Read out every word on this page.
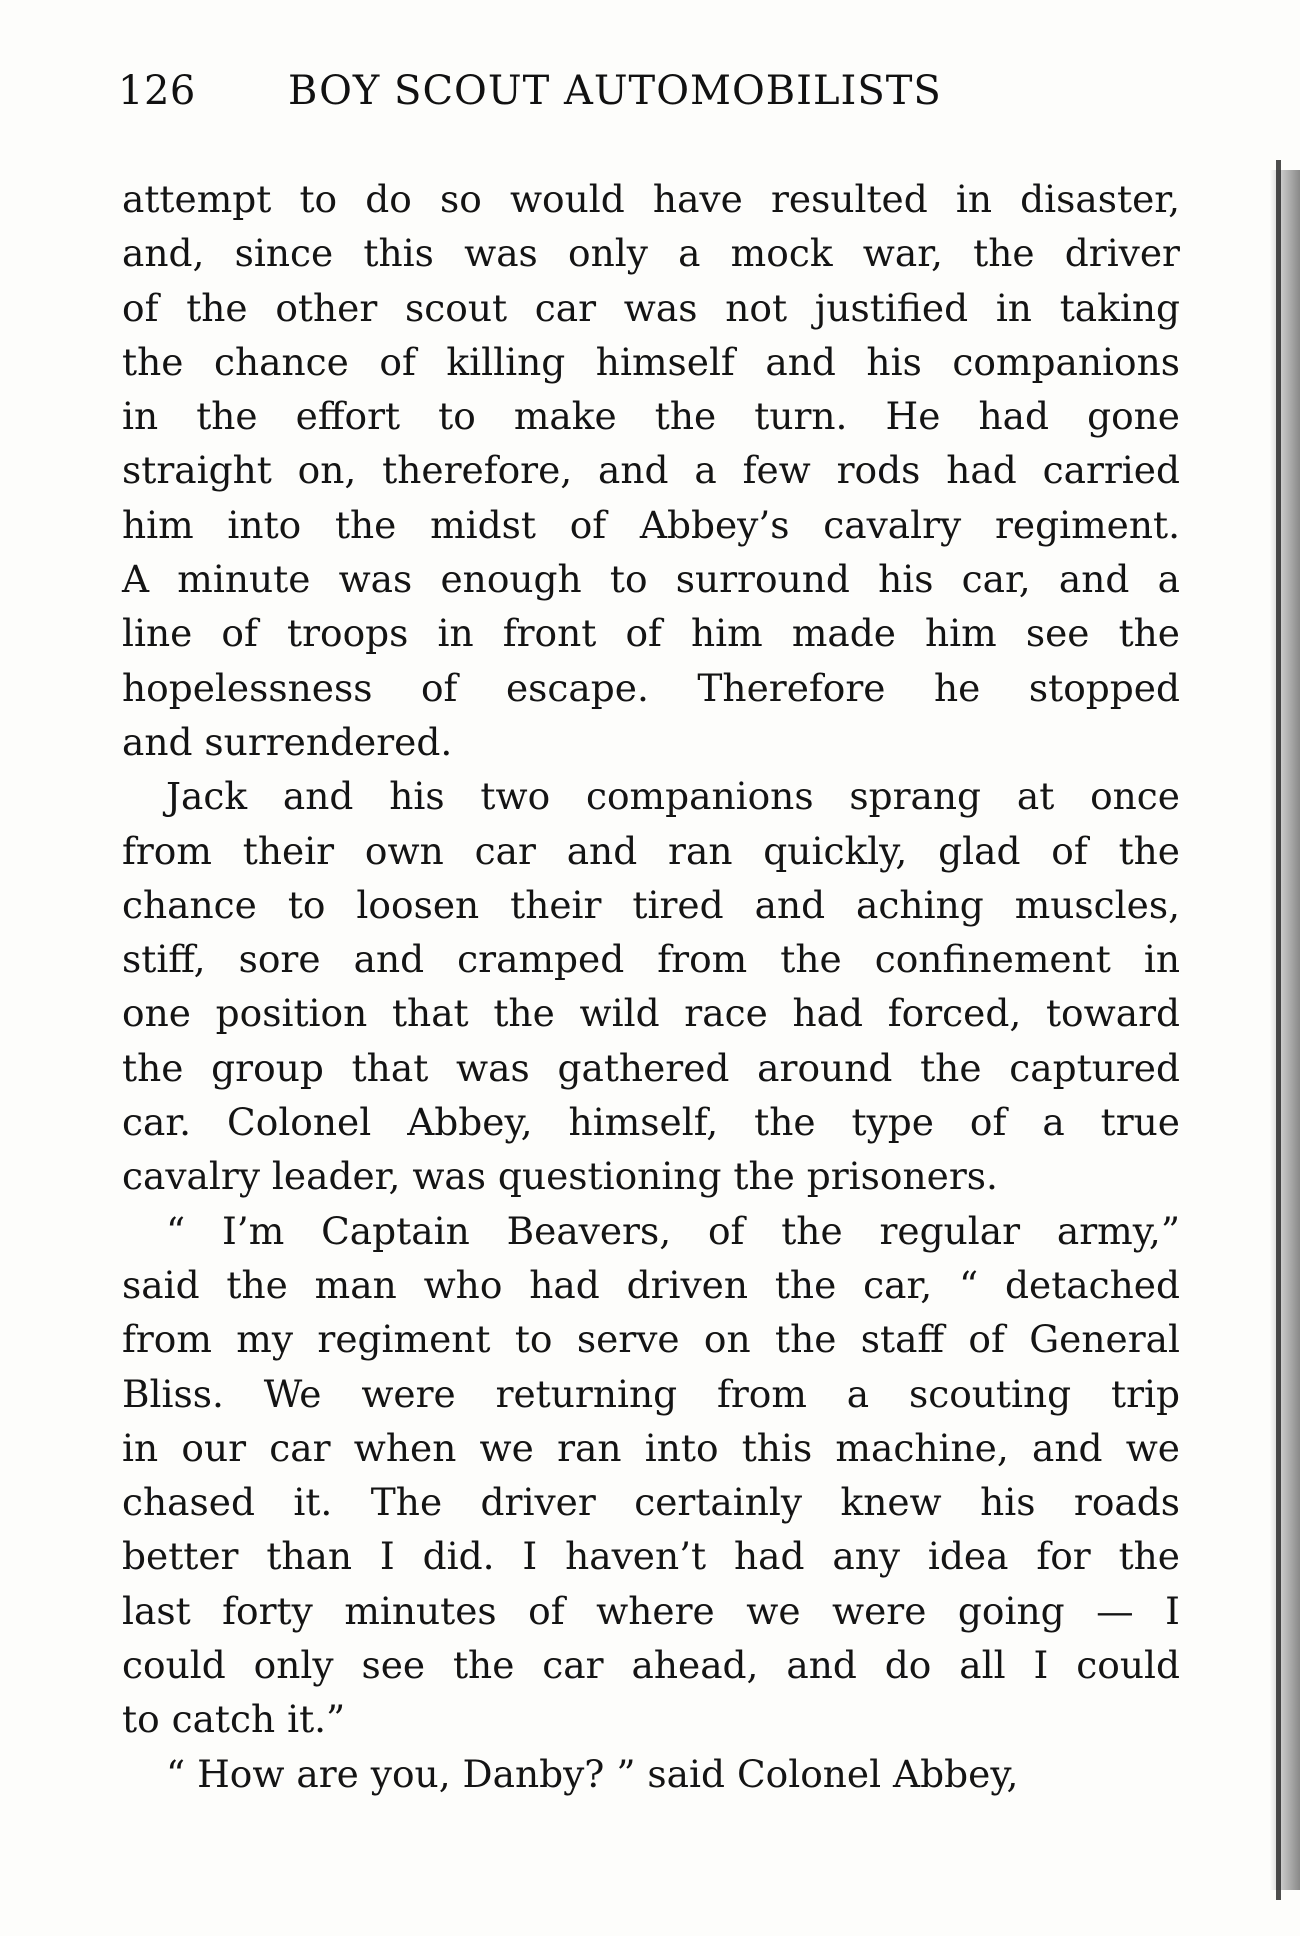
126 BOY SCOUT AUTOMOBILISTS
attempt to do so would have resulted in disaster,
and, since this was only a mock war, the driver
of the other scout car was not justified in taking
the chance of killing himself and his companions
in the effort to make the turn. He had gone
straight on, therefore, and a few rods had carried
him into the midst of Abbey’s cavalry regiment.
A minute was enough to surround his car, and a
line of troops in front of him made him see the
hopelessness of escape. Therefore he stopped
and surrendered.
Jack and his two companions sprang at once
from their own car and ran quickly, glad of the
chance to loosen their tired and aching muscles,
stiff, sore and cramped from the confinement in
one position that the wild race had forced, toward
the group that was gathered around the captured
car. Colonel Abbey, himself, the type of a true
cavalry leader, was questioning the prisoners.
“ I’m Captain Beavers, of the regular army,”
said the man who had driven the car, “ detached
from my regiment to serve on the staff of General
Bliss. We were returning from a scouting trip
in our car when we ran into this machine, and we
chased it. The driver certainly knew his roads
better than I did. I haven’t had any idea for the
last forty minutes of where we were going — I
could only see the car ahead, and do all I could
to catch it.”
“ How are you, Danby? ” said Colonel Abbey,
